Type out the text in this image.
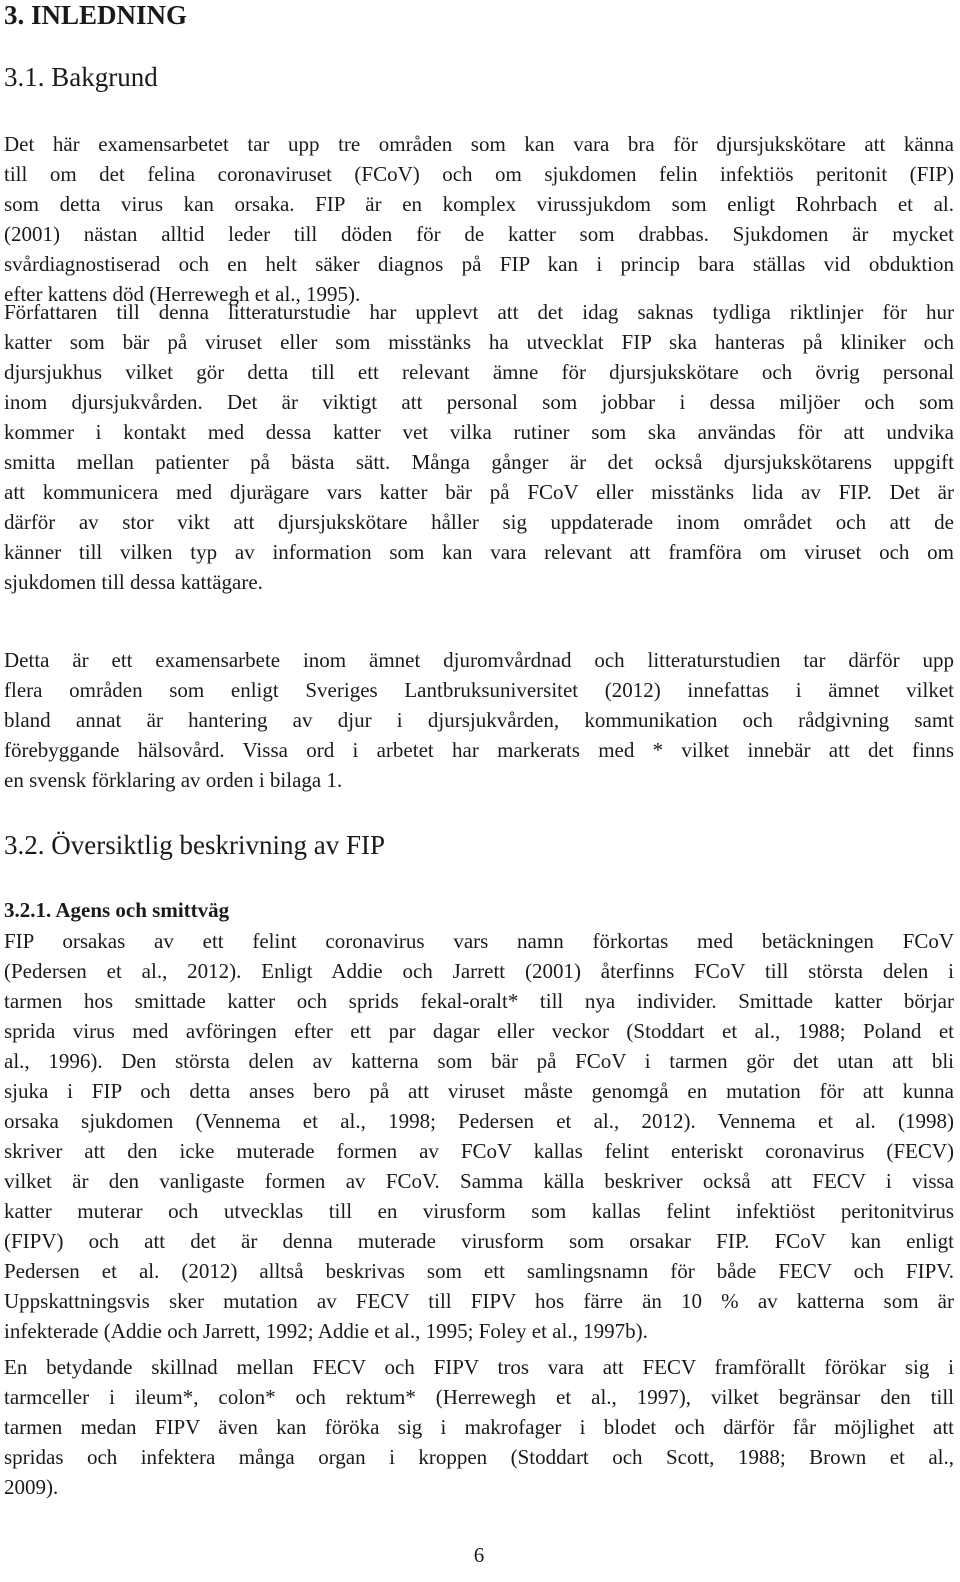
3. INLEDNING
3.1. Bakgrund
Det här examensarbetet tar upp tre områden som kan vara bra för djursjukskötare att känna
till om det felina coronaviruset (FCoV) och om sjukdomen felin infektiös peritonit (FIP)
som detta virus kan orsaka. FIP är en komplex virussjukdom som enligt Rohrbach et al.
(2001) nästan alltid leder till döden för de katter som drabbas. Sjukdomen är mycket
svårdiagnostiserad och en helt säker diagnos på FIP kan i princip bara ställas vid obduktion
efter kattens död (Herrewegh et al., 1995).
Författaren till denna litteraturstudie har upplevt att det idag saknas tydliga riktlinjer för hur
katter som bär på viruset eller som misstänks ha utvecklat FIP ska hanteras på kliniker och
djursjukhus vilket gör detta till ett relevant ämne för djursjukskötare och övrig personal
inom djursjukvården. Det är viktigt att personal som jobbar i dessa miljöer och som
kommer i kontakt med dessa katter vet vilka rutiner som ska användas för att undvika
smitta mellan patienter på bästa sätt. Många gånger är det också djursjukskötarens uppgift
att kommunicera med djurägare vars katter bär på FCoV eller misstänks lida av FIP. Det är
därför av stor vikt att djursjukskötare håller sig uppdaterade inom området och att de
känner till vilken typ av information som kan vara relevant att framföra om viruset och om
sjukdomen till dessa kattägare.
Detta är ett examensarbete inom ämnet djuromvårdnad och litteraturstudien tar därför upp
flera områden som enligt Sveriges Lantbruksuniversitet (2012) innefattas i ämnet vilket
bland annat är hantering av djur i djursjukvården, kommunikation och rådgivning samt
förebyggande hälsovård. Vissa ord i arbetet har markerats med * vilket innebär att det finns
en svensk förklaring av orden i bilaga 1.
3.2. Översiktlig beskrivning av FIP
3.2.1. Agens och smittväg
FIP orsakas av ett felint coronavirus vars namn förkortas med betäckningen FCoV
(Pedersen et al., 2012). Enligt Addie och Jarrett (2001) återfinns FCoV till största delen i
tarmen hos smittade katter och sprids fekal-oralt* till nya individer. Smittade katter börjar
sprida virus med avföringen efter ett par dagar eller veckor (Stoddart et al., 1988; Poland et
al., 1996). Den största delen av katterna som bär på FCoV i tarmen gör det utan att bli
sjuka i FIP och detta anses bero på att viruset måste genomgå en mutation för att kunna
orsaka sjukdomen (Vennema et al., 1998; Pedersen et al., 2012). Vennema et al. (1998)
skriver att den icke muterade formen av FCoV kallas felint enteriskt coronavirus (FECV)
vilket är den vanligaste formen av FCoV. Samma källa beskriver också att FECV i vissa
katter muterar och utvecklas till en virusform som kallas felint infektiöst peritonitvirus
(FIPV) och att det är denna muterade virusform som orsakar FIP. FCoV kan enligt
Pedersen et al. (2012) alltså beskrivas som ett samlingsnamn för både FECV och FIPV.
Uppskattningsvis sker mutation av FECV till FIPV hos färre än 10 % av katterna som är
infekterade (Addie och Jarrett, 1992; Addie et al., 1995; Foley et al., 1997b).
En betydande skillnad mellan FECV och FIPV tros vara att FECV framförallt förökar sig i
tarmceller i ileum*, colon* och rektum* (Herrewegh et al., 1997), vilket begränsar den till
tarmen medan FIPV även kan föröka sig i makrofager i blodet och därför får möjlighet att
spridas och infektera många organ i kroppen (Stoddart och Scott, 1988; Brown et al.,
2009).
6
